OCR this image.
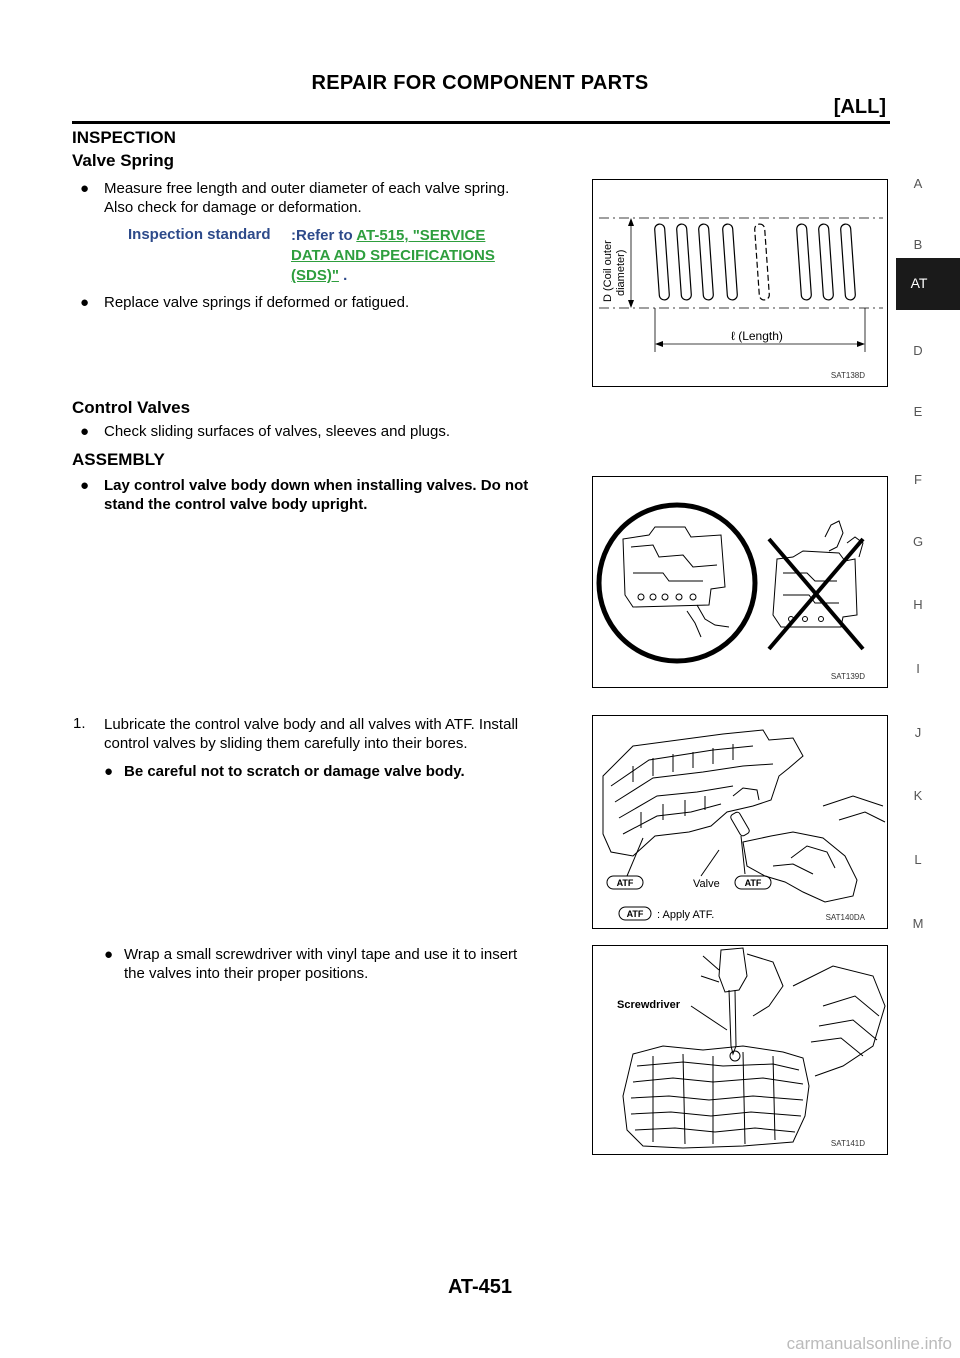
REPAIR FOR COMPONENT PARTS
[ALL]
A
B
AT
D
E
F
G
H
I
J
K
L
M
INSPECTION
Valve Spring
● Measure free length and outer diameter of each valve spring.
Also check for damage or deformation.
Inspection standard :Refer to AT-515, "SERVICE
DATA AND SPECIFICATIONS
(SDS)" .
● Replace valve springs if deformed or fatigued.
D (Coil outer diameter)
ℓ (Length)
SAT138D
Control Valves
● Check sliding surfaces of valves, sleeves and plugs.
ASSEMBLY
● Lay control valve body down when installing valves. Do not
stand the control valve body upright.
SAT139D
1. Lubricate the control valve body and all valves with ATF. Install
control valves by sliding them carefully into their bores.
● Be careful not to scratch or damage valve body.
ATF	Valve	ATF
ATF : Apply ATF.	SAT140DA
● Wrap a small screwdriver with vinyl tape and use it to insert
the valves into their proper positions.
Screwdriver
SAT141D
AT-451
carmanualsonline.info
